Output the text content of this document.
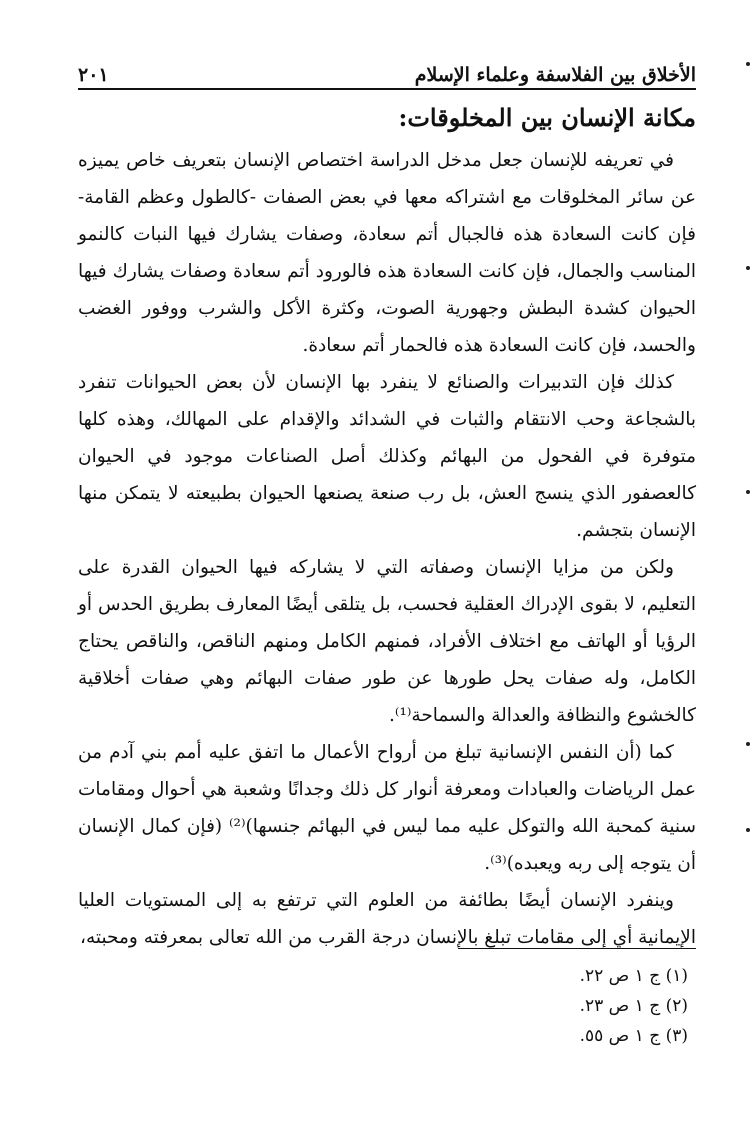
الأخلاق بين الفلاسفة وعلماء الإسلام
٢٠١
مكانة الإنسان بين المخلوقات:

في تعريفه للإنسان جعل مدخل الدراسة اختصاص الإنسان بتعريف خاص يميزه عن سائر المخلوقات مع اشتراكه معها في بعض الصفات -كالطول وعظم القامة- فإن كانت السعادة هذه فالجبال أتم سعادة، وصفات يشارك فيها النبات كالنمو المناسب والجمال، فإن كانت السعادة هذه فالورود أتم سعادة وصفات يشارك فيها الحيوان كشدة البطش وجهورية الصوت، وكثرة الأكل والشرب ووفور الغضب والحسد، فإن كانت السعادة هذه فالحمار أتم سعادة.

كذلك فإن التدبيرات والصنائع لا ينفرد بها الإنسان لأن بعض الحيوانات تنفرد بالشجاعة وحب الانتقام والثبات في الشدائد والإقدام على المهالك، وهذه كلها متوفرة في الفحول من البهائم وكذلك أصل الصناعات موجود في الحيوان كالعصفور الذي ينسج العش، بل رب صنعة يصنعها الحيوان بطبيعته لا يتمكن منها الإنسان بتجشم.

ولكن من مزايا الإنسان وصفاته التي لا يشاركه فيها الحيوان القدرة على التعليم، لا بقوى الإدراك العقلية فحسب، بل يتلقى أيضًا المعارف بطريق الحدس أو الرؤيا أو الهاتف مع اختلاف الأفراد، فمنهم الكامل ومنهم الناقص، والناقص يحتاج الكامل، وله صفات يحل طورها عن طور صفات البهائم وهي صفات أخلاقية كالخشوع والنظافة والعدالة والسماحة⁽¹⁾.

كما (أن النفس الإنسانية تبلغ من أرواح الأعمال ما اتفق عليه أمم بني آدم من عمل الرياضات والعبادات ومعرفة أنوار كل ذلك وجدانًا وشعبة هي أحوال ومقامات سنية كمحبة الله والتوكل عليه مما ليس في البهائم جنسها)⁽²⁾ (فإن كمال الإنسان أن يتوجه إلى ربه ويعبده)⁽³⁾.

وينفرد الإنسان أيضًا بطائفة من العلوم التي ترتفع به إلى المستويات العليا الإيمانية أي إلى مقامات تبلغ بالإنسان درجة القرب من الله تعالى بمعرفته ومحبته،

(١) ج ١ ص ٢٢.

(٢) ج ١ ص ٢٣.

(٣) ج ١ ص ٥٥.
